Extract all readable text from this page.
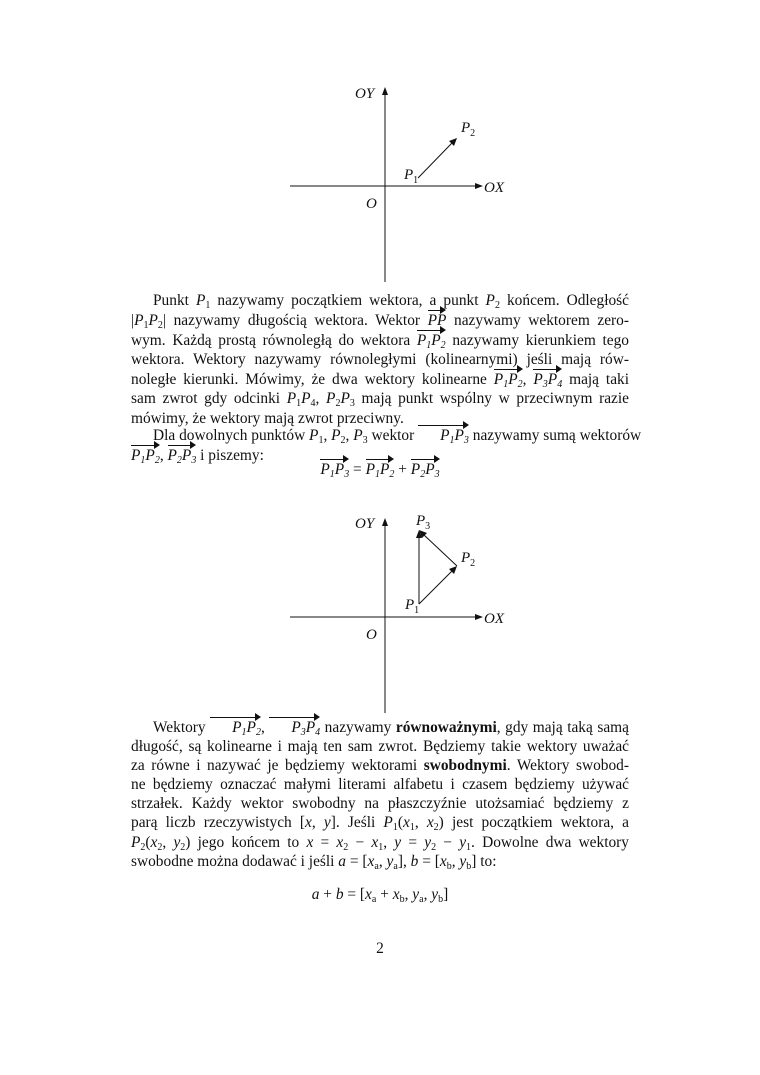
OY
OX
O
$P_1$
$P_2$
Punkt $P_1$ nazywamy początkiem wektora, a punkt $P_2$ końcem. Odległość
$|P_1P_2|$ nazywamy długością wektora. Wektor PP nazywamy wektorem zero-
wym. Każdą prostą równoległą do wektora $P_1P_2$ nazywamy kierunkiem tego
wektora. Wektory nazywamy równoległymi (kolinearnymi) jeśli mają rów-
noległe kierunki. Mówimy, że dwa wektory kolinearne $P_1P_2$, $P_3P_4$ mają taki
sam zwrot gdy odcinki $P_1P_4$, $P_2P_3$ mają punkt wspólny w przeciwnym razie
mówimy, że wektory mają zwrot przeciwny.
Dla dowolnych punktów $P_1$, $P_2$, $P_3$ wektor $P_1P_3$ nazywamy sumą wektorów
$P_1P_2$, $P_2P_3$ i piszemy:
$P_1P_3 = P_1P_2 + P_2P_3$
OY
OX
O
$P_1$
$P_2$
$P_3$
Wektory $P_1P_2$, $P_3P_4$ nazywamy równoważnymi, gdy mają taką samą
długość, są kolinearne i mają ten sam zwrot. Będziemy takie wektory uważać
za równe i nazywać je będziemy wektorami swobodnymi. Wektory swobod-
ne będziemy oznaczać małymi literami alfabetu i czasem będziemy używać
strzałek. Każdy wektor swobodny na płaszczyźnie utożsamiać będziemy z
parą liczb rzeczywistych [x, y]. Jeśli $P_1(x_1$, $x_2$) jest początkiem wektora, a
$P_2(x_2$, $y_2$) jego końcem to $x = x_2 - x_1$, $y = y_2 - y_1$. Dowolne dwa wektory
swobodne można dodawać i jeśli $a = [x_a$, $y_a$], $b = [x_b$, $y_b$] to:
$a + b = [x_a + x_b$, $y_a$, $y_b$]
2
